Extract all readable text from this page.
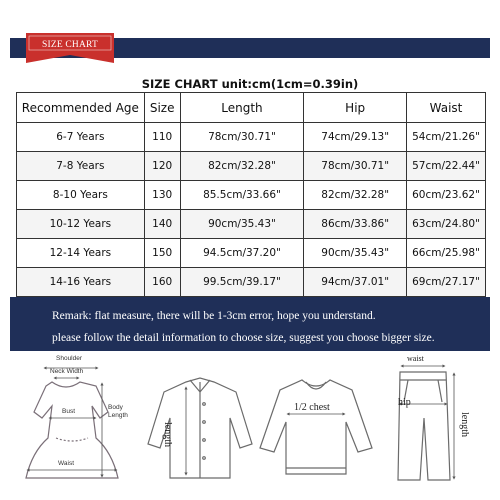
SIZE CHART
SIZE CHART unit:cm(1cm=0.39in)
Recommended Age	Size	Length	Hip	Waist
6-7 Years	110	78cm/30.71"	74cm/29.13"	54cm/21.26"
7-8 Years	120	82cm/32.28"	78cm/30.71"	57cm/22.44"
8-10 Years	130	85.5cm/33.66"	82cm/32.28"	60cm/23.62"
10-12 Years	140	90cm/35.43"	86cm/33.86"	63cm/24.80"
12-14 Years	150	94.5cm/37.20"	90cm/35.43"	66cm/25.98"
14-16 Years	160	99.5cm/39.17"	94cm/37.01"	69cm/27.17"
Remark: flat measure, there will be 1-3cm error, hope you understand.
please follow the detail information to choose size, suggest you choose bigger size.
Shoulder
Neck Width
Bust
Body
Length
Waist
length
1/2 chest
waist
hip
length
